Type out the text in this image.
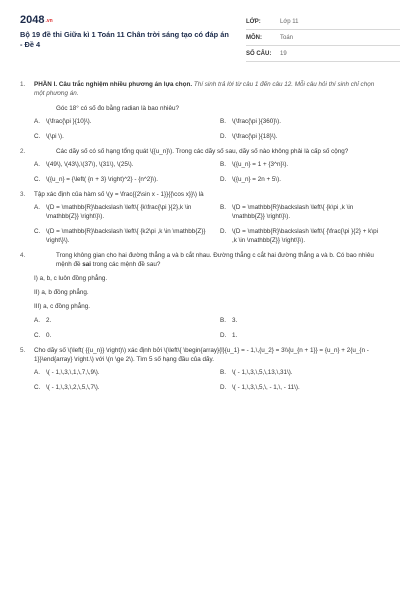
2048.vn
Bộ 19 đề thi Giữa kì 1 Toán 11 Chân trời sáng tạo có đáp án - Đề 4
LỚP:	Lớp 11
MÔN:	Toán
SỐ CÂU:	19
1.	PHẦN I. Câu trắc nghiệm nhiều phương án lựa chọn. Thí sinh trả lời từ câu 1 đến câu 12. Mỗi câu hỏi thí sinh chỉ chọn một phương án.
Góc 18° có số đo bằng radian là bao nhiêu?
A. \(\frac{\pi }{10}\).	B. \(\frac{\pi }{360}\).
C. \(\pi \).	D. \(\frac{\pi }{18}\).
2.	Các dãy số có số hạng tổng quát \({u_n}\). Trong các dãy số sau, dãy số nào không phải là cấp số cộng?
A. \(49\), \(43\),\(37\), \(31\), \(25\).	B. \({u_n} = 1 + {3^n}\).
C. \({u_n} = {\left( {n + 3} \right)^2} - {n^2}\).	D. \({u_n} = 2n + 5\).
3.	Tập xác định của hàm số \(y = \frac{{2\sin x - 1}}{{\cos x}}\) là
A. \(D = \mathbb{R}\backslash \left\{ {k\frac{\pi }{2},k \in \mathbb{Z}} \right\}\).
B. \(D = \mathbb{R}\backslash \left\{ {k\pi ,k \in \mathbb{Z}} \right\}\).
C. \(D = \mathbb{R}\backslash \left\{ {k2\pi ,k \in \mathbb{Z}} \right\}\).
D. \(D = \mathbb{R}\backslash \left\{ {\frac{\pi }{2} + k\pi ,k \in \mathbb{Z}} \right\}\).
4.	Trong không gian cho hai đường thẳng a và b cắt nhau. Đường thẳng c cắt hai đường thẳng a và b. Có bao nhiêu mệnh đề sai trong các mệnh đề sau?
I) a, b, c luôn đồng phẳng.
II) a, b đồng phẳng.
III) a, c đồng phẳng.
A. 2.	B. 3.
C. 0.	D. 1.
5.	Cho dãy số \(\left( {{u_n}} \right)\) xác định bởi \(\left\{ \begin{array}{l}{u_1} = - 1,\,{u_2} = 3\\{u_{n + 1}} = {u_n} + 2{u_{n - 1}}\end{array} \right.\) với \(n \ge 2\). Tìm 5 số hạng đầu của dãy.
A. \( - 1,\,3,\,1,\,7,\,9\).	B. \( - 1,\,3,\,5,\,13,\,31\).
C. \( - 1,\,3,\,2,\,5,\,7\).	D. \( - 1,\,3,\,5,\, - 1,\, - 11\).
